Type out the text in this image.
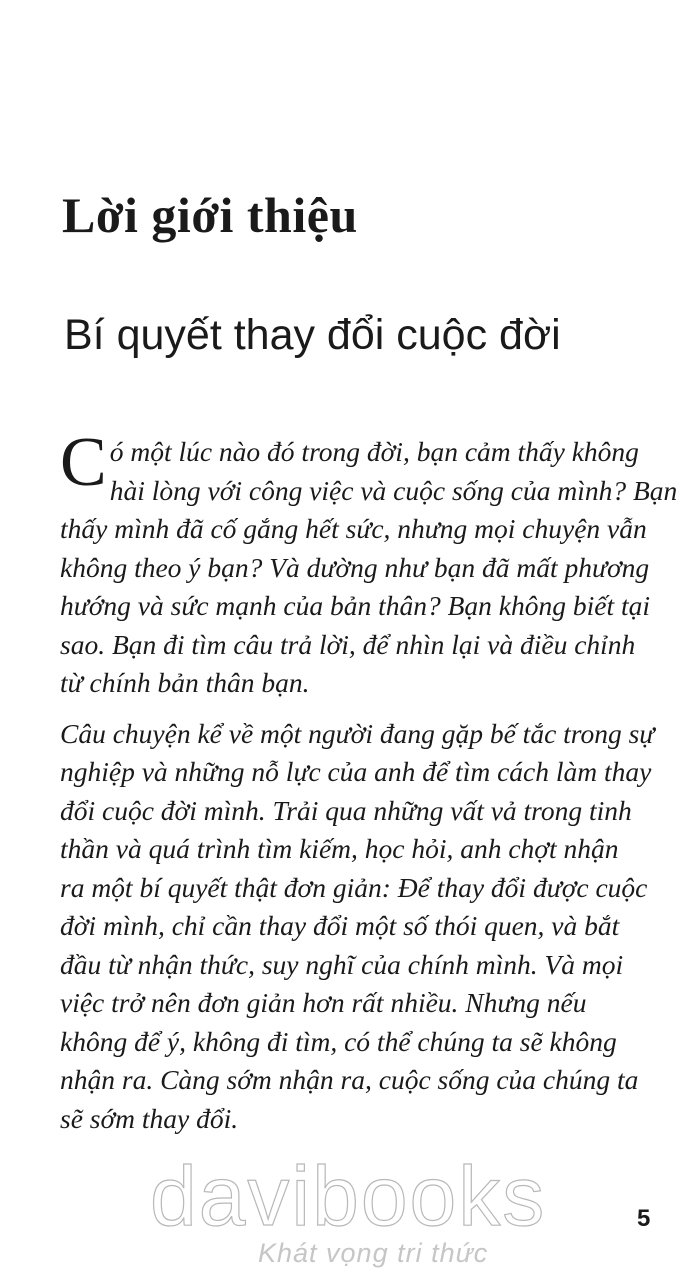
Lời giới thiệu
Bí quyết thay đổi cuộc đời
C ó một lúc nào đó trong đời, bạn cảm thấy không
hài lòng với công việc và cuộc sống của mình? Bạn
thấy mình đã cố gắng hết sức, nhưng mọi chuyện vẫn
không theo ý bạn? Và dường như bạn đã mất phương
hướng và sức mạnh của bản thân? Bạn không biết tại
sao. Bạn đi tìm câu trả lời, để nhìn lại và điều chỉnh
từ chính bản thân bạn.
Câu chuyện kể về một người đang gặp bế tắc trong sự
nghiệp và những nỗ lực của anh để tìm cách làm thay
đổi cuộc đời mình. Trải qua những vất vả trong tinh
thần và quá trình tìm kiếm, học hỏi, anh chợt nhận
ra một bí quyết thật đơn giản: Để thay đổi được cuộc
đời mình, chỉ cần thay đổi một số thói quen, và bắt
đầu từ nhận thức, suy nghĩ của chính mình. Và mọi
việc trở nên đơn giản hơn rất nhiều. Nhưng nếu
không để ý, không đi tìm, có thể chúng ta sẽ không
nhận ra. Càng sớm nhận ra, cuộc sống của chúng ta
sẽ sớm thay đổi.
davibooks
Khát vọng tri thức
5
